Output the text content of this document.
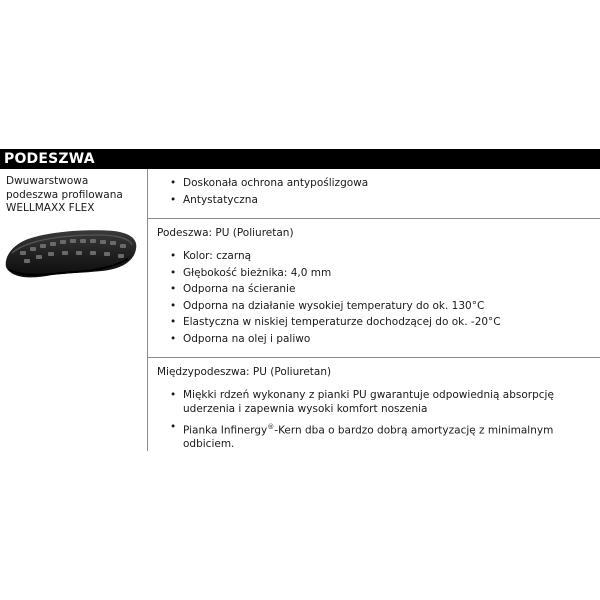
PODESZWA
Dwuwarstwowa
podeszwa profilowana
WELLMAXX FLEX
• Doskonała ochrona antypoślizgowa
• Antystatyczna
Podeszwa: PU (Poliuretan)
• Kolor: czarną
• Głębokość bieżnika: 4,0 mm
• Odporna na ścieranie
• Odporna na działanie wysokiej temperatury do ok. 130°C
• Elastyczna w niskiej temperaturze dochodzącej do ok. -20°C
• Odporna na olej i paliwo
Międzypodeszwa: PU (Poliuretan)
• Miękki rdzeń wykonany z pianki PU gwarantuje odpowiednią absorpcję uderzenia i zapewnia wysoki komfort noszenia
• Pianka Infinergy®-Kern dba o bardzo dobrą amortyzację z minimalnym odbiciem.
